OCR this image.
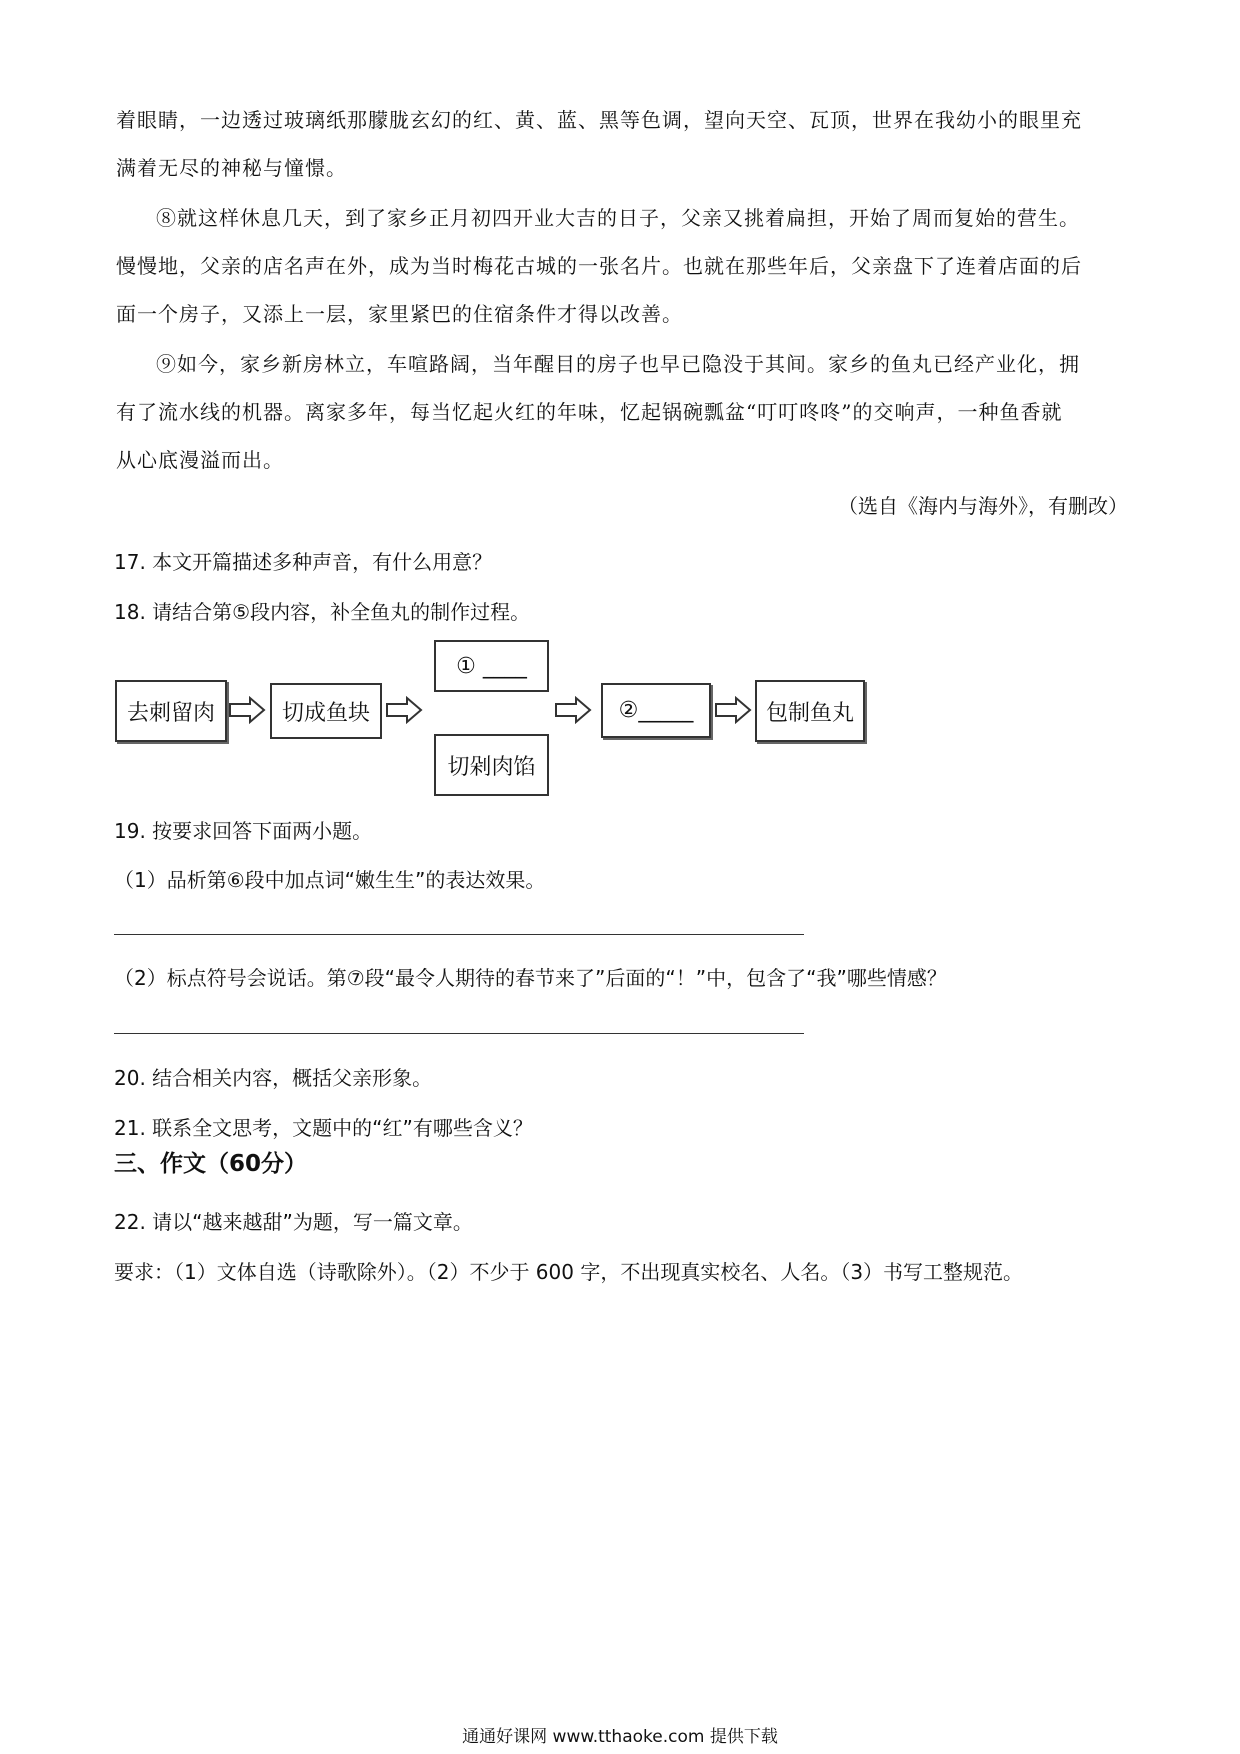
着眼睛，一边透过玻璃纸那朦胧玄幻的红、黄、蓝、黑等色调，望向天空、瓦顶，世界在我幼小的眼里充
满着无尽的神秘与憧憬。
⑧就这样休息几天，到了家乡正月初四开业大吉的日子，父亲又挑着扁担，开始了周而复始的营生。
慢慢地，父亲的店名声在外，成为当时梅花古城的一张名片。也就在那些年后，父亲盘下了连着店面的后
面一个房子，又添上一层，家里紧巴的住宿条件才得以改善。
⑨如今，家乡新房林立，车喧路阔，当年醒目的房子也早已隐没于其间。家乡的鱼丸已经产业化，拥
有了流水线的机器。离家多年，每当忆起火红的年味，忆起锅碗瓢盆“叮叮咚咚”的交响声，一种鱼香就
从心底漫溢而出。
（选自《海内与海外》，有删改）
17. 本文开篇描述多种声音，有什么用意？
18. 请结合第⑤段内容，补全鱼丸的制作过程。
去刺留肉	切成鱼块
① ____
切剁肉馅
②_____	包制鱼丸
19. 按要求回答下面两小题。
（1）品析第⑥段中加点词“嫩生生”的表达效果。
（2）标点符号会说话。第⑦段“最令人期待的春节来了”后面的“！”中，包含了“我”哪些情感？
20. 结合相关内容，概括父亲形象。
21. 联系全文思考，文题中的“红”有哪些含义？
三、作文（60分）
22. 请以“越来越甜”为题，写一篇文章。
要求：（1）文体自选（诗歌除外）。（2）不少于 600 字，不出现真实校名、人名。（3）书写工整规范。
通通好课网 www.tthaoke.com 提供下载
